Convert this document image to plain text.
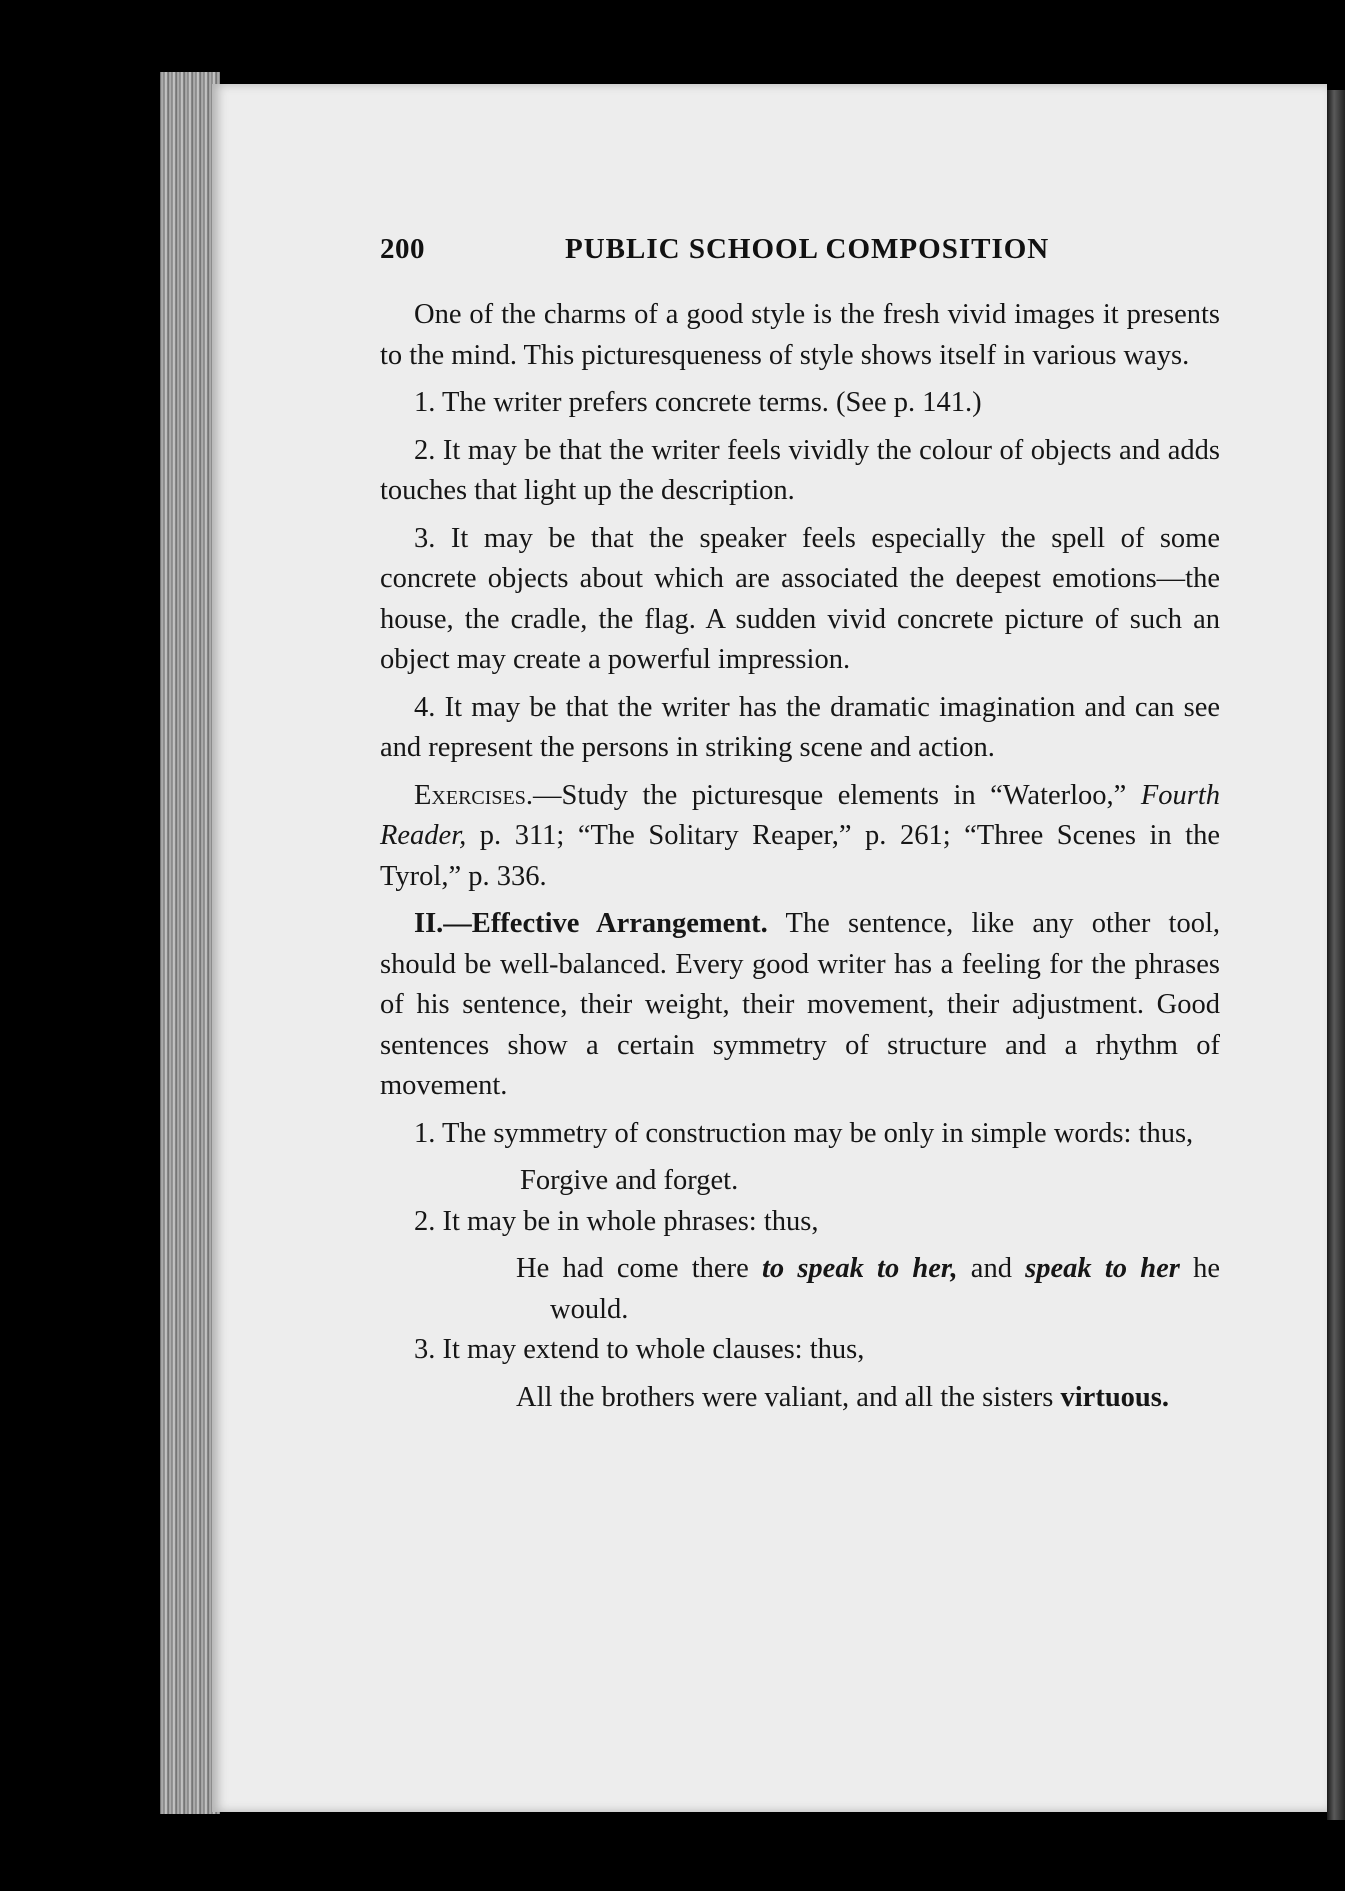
200	PUBLIC SCHOOL COMPOSITION

One of the charms of a good style is the fresh vivid images it presents to the mind. This picturesqueness of style shows itself in various ways.

1. The writer prefers concrete terms. (See p. 141.)

2. It may be that the writer feels vividly the colour of objects and adds touches that light up the description.

3. It may be that the speaker feels especially the spell of some concrete objects about which are associated the deepest emotions—the house, the cradle, the flag. A sudden vivid concrete picture of such an object may create a powerful impression.

4. It may be that the writer has the dramatic imagination and can see and represent the persons in striking scene and action.

Exercises.—Study the picturesque elements in “Waterloo,” Fourth Reader, p. 311; “The Solitary Reaper,” p. 261; “Three Scenes in the Tyrol,” p. 336.

II.—Effective Arrangement. The sentence, like any other tool, should be well-balanced. Every good writer has a feeling for the phrases of his sentence, their weight, their movement, their adjustment. Good sentences show a certain symmetry of structure and a rhythm of movement.

1. The symmetry of construction may be only in simple words: thus,

Forgive and forget.

2. It may be in whole phrases: thus,

He had come there to speak to her, and speak to her he would.

3. It may extend to whole clauses: thus,

All the brothers were valiant, and all the sisters virtuous.
